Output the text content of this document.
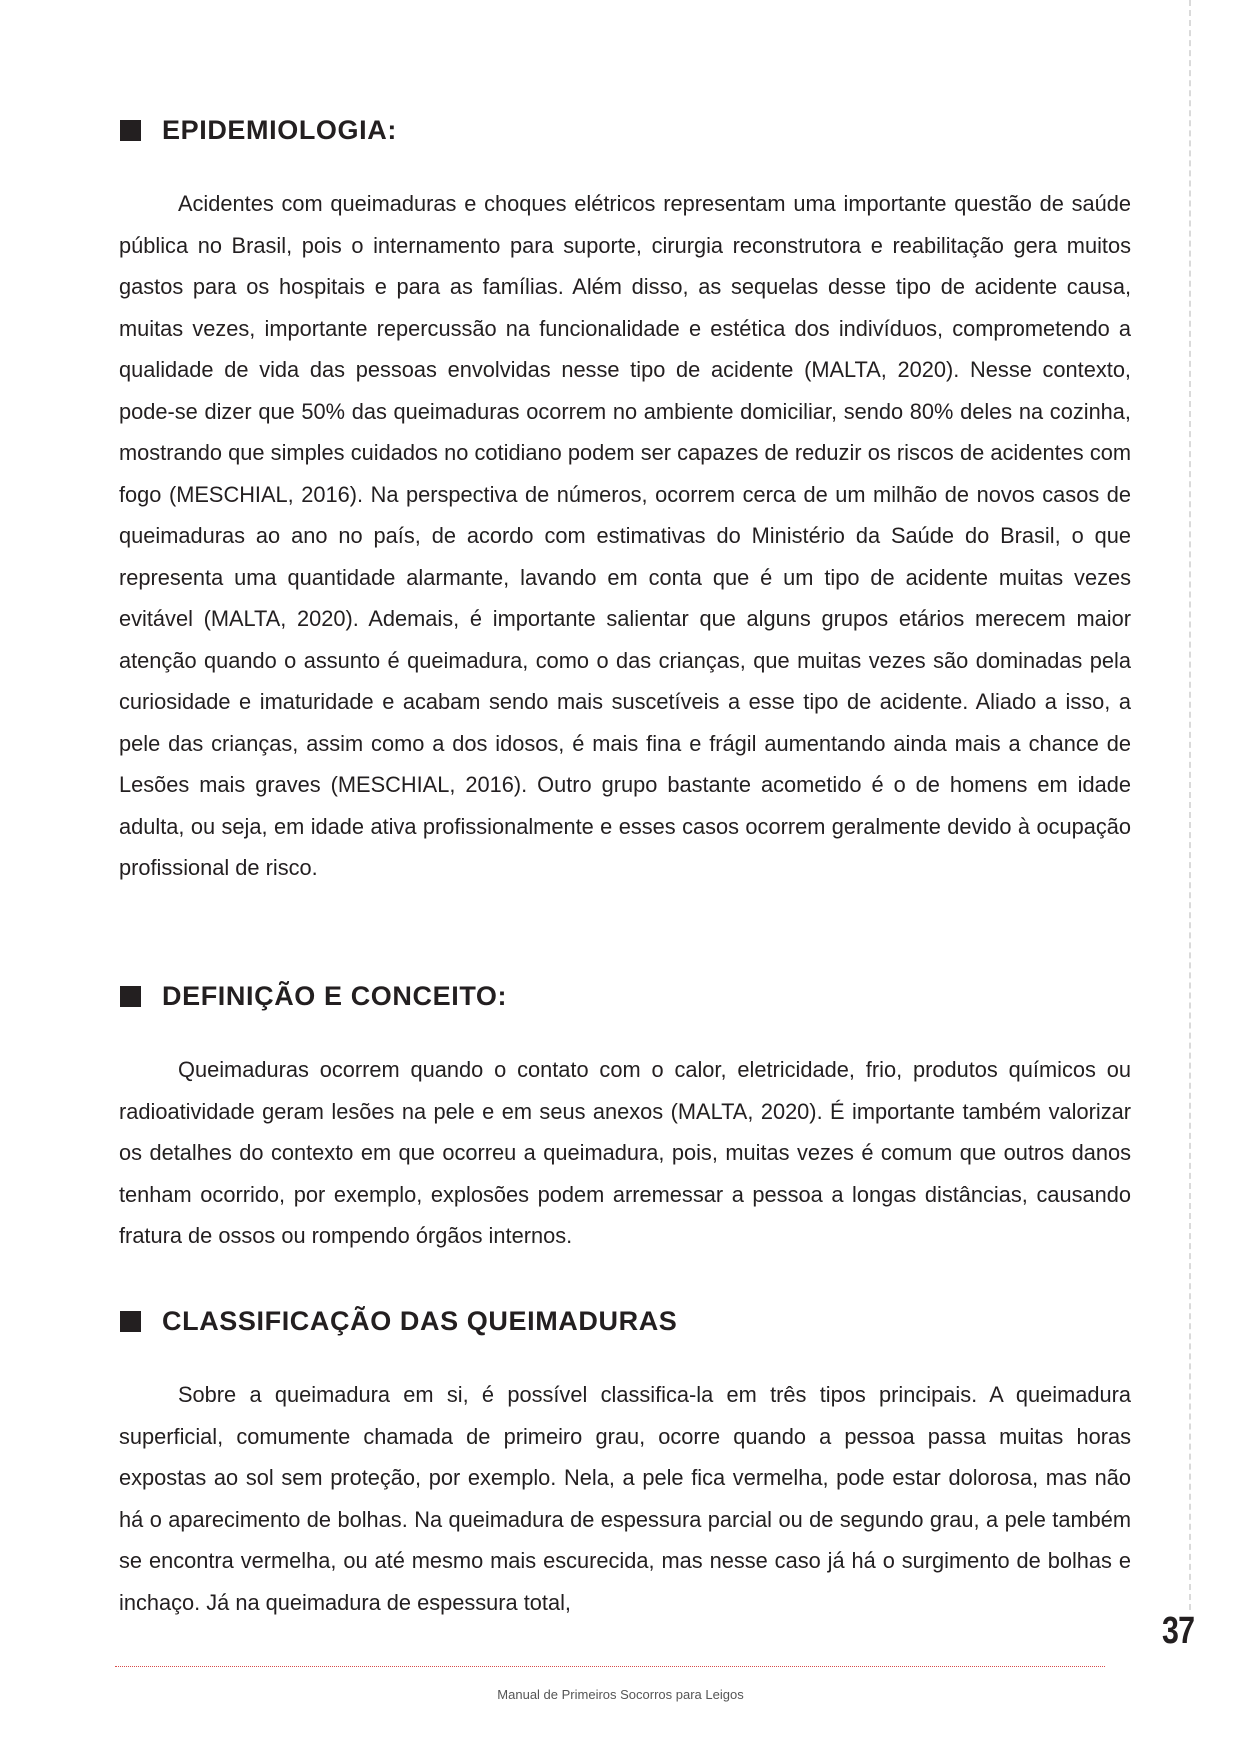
EPIDEMIOLOGIA:

Acidentes com queimaduras e choques elétricos representam uma importante questão de saúde pública no Brasil, pois o internamento para suporte, cirurgia reconstrutora e reabilitação gera muitos gastos para os hospitais e para as famílias. Além disso, as sequelas desse tipo de acidente causa, muitas vezes, importante repercussão na funcionalidade e estética dos indivíduos, comprometendo a qualidade de vida das pessoas envolvidas nesse tipo de acidente (MALTA, 2020). Nesse contexto, pode-se dizer que 50% das queimaduras ocorrem no ambiente domiciliar, sendo 80% deles na cozinha, mostrando que simples cuidados no cotidiano podem ser capazes de reduzir os riscos de acidentes com fogo (MESCHIAL, 2016). Na perspectiva de números, ocorrem cerca de um milhão de novos casos de queimaduras ao ano no país, de acordo com estimativas do Ministério da Saúde do Brasil, o que representa uma quantidade alarmante, lavando em conta que é um tipo de acidente muitas vezes evitável (MALTA, 2020). Ademais, é importante salientar que alguns grupos etários merecem maior atenção quando o assunto é queimadura, como o das crianças, que muitas vezes são dominadas pela curiosidade e imaturidade e acabam sendo mais suscetíveis a esse tipo de acidente. Aliado a isso, a pele das crianças, assim como a dos idosos, é mais fina e frágil aumentando ainda mais a chance de Lesões mais graves (MESCHIAL, 2016). Outro grupo bastante acometido é o de homens em idade adulta, ou seja, em idade ativa profissionalmente e esses casos ocorrem geralmente devido à ocupação profissional de risco.

DEFINIÇÃO E CONCEITO:

Queimaduras ocorrem quando o contato com o calor, eletricidade, frio, produtos químicos ou radioatividade geram lesões na pele e em seus anexos (MALTA, 2020). É importante também valorizar os detalhes do contexto em que ocorreu a queimadura, pois, muitas vezes é comum que outros danos tenham ocorrido, por exemplo, explosões podem arremessar a pessoa a longas distâncias, causando fratura de ossos ou rompendo órgãos internos.

CLASSIFICAÇÃO DAS QUEIMADURAS

Sobre a queimadura em si, é possível classifica-la em três tipos principais. A queimadura superficial, comumente chamada de primeiro grau, ocorre quando a pessoa passa muitas horas expostas ao sol sem proteção, por exemplo. Nela, a pele fica vermelha, pode estar dolorosa, mas não há o aparecimento de bolhas. Na queimadura de espessura parcial ou de segundo grau, a pele também se encontra vermelha, ou até mesmo mais escurecida, mas nesse caso já há o surgimento de bolhas e inchaço. Já na queimadura de espessura total,

37
Manual de Primeiros Socorros para Leigos
